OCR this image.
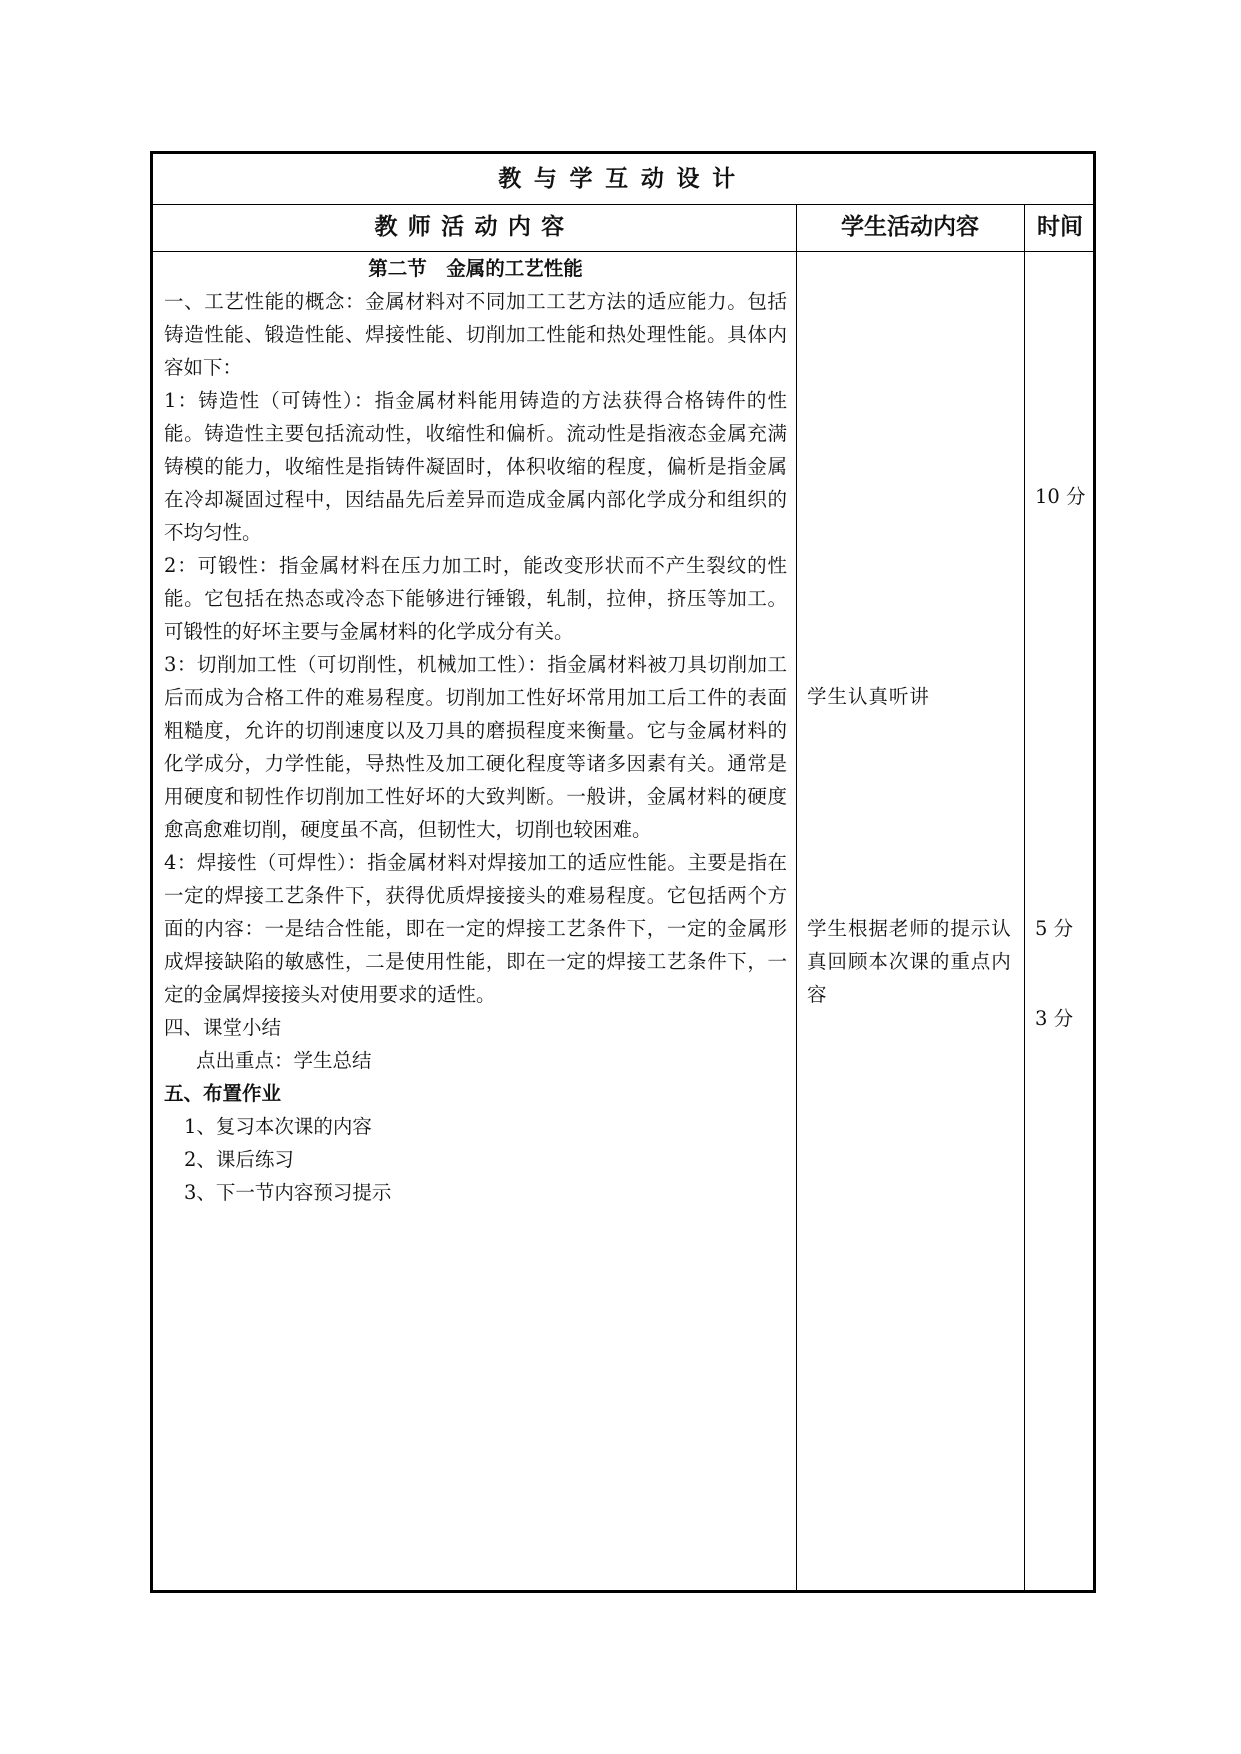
教与学互动设计
教师活动内容	学生活动内容	时间

第二节　金属的工艺性能

一、工艺性能的概念：金属材料对不同加工工艺方法的适应能力。包括铸造性能、锻造性能、焊接性能、切削加工性能和热处理性能。具体内容如下：

1：铸造性（可铸性）：指金属材料能用铸造的方法获得合格铸件的性能。铸造性主要包括流动性，收缩性和偏析。流动性是指液态金属充满铸模的能力，收缩性是指铸件凝固时，体积收缩的程度，偏析是指金属在冷却凝固过程中，因结晶先后差异而造成金属内部化学成分和组织的不均匀性。

2：可锻性：指金属材料在压力加工时，能改变形状而不产生裂纹的性能。它包括在热态或冷态下能够进行锤锻，轧制，拉伸，挤压等加工。可锻性的好坏主要与金属材料的化学成分有关。

3：切削加工性（可切削性，机械加工性）：指金属材料被刀具切削加工后而成为合格工件的难易程度。切削加工性好坏常用加工后工件的表面粗糙度，允许的切削速度以及刀具的磨损程度来衡量。它与金属材料的化学成分，力学性能，导热性及加工硬化程度等诸多因素有关。通常是用硬度和韧性作切削加工性好坏的大致判断。一般讲，金属材料的硬度愈高愈难切削，硬度虽不高，但韧性大，切削也较困难。

4：焊接性（可焊性）：指金属材料对焊接加工的适应性能。主要是指在一定的焊接工艺条件下，获得优质焊接接头的难易程度。它包括两个方面的内容：一是结合性能，即在一定的焊接工艺条件下，一定的金属形成焊接缺陷的敏感性，二是使用性能，即在一定的焊接工艺条件下，一定的金属焊接接头对使用要求的适性。

四、课堂小结

点出重点：学生总结

五、布置作业

1、复习本次课的内容

2、课后练习

3、下一节内容预习提示

学生认真听讲
学生根据老师的提示认真回顾本次课的重点内容
10 分
5 分
3 分
